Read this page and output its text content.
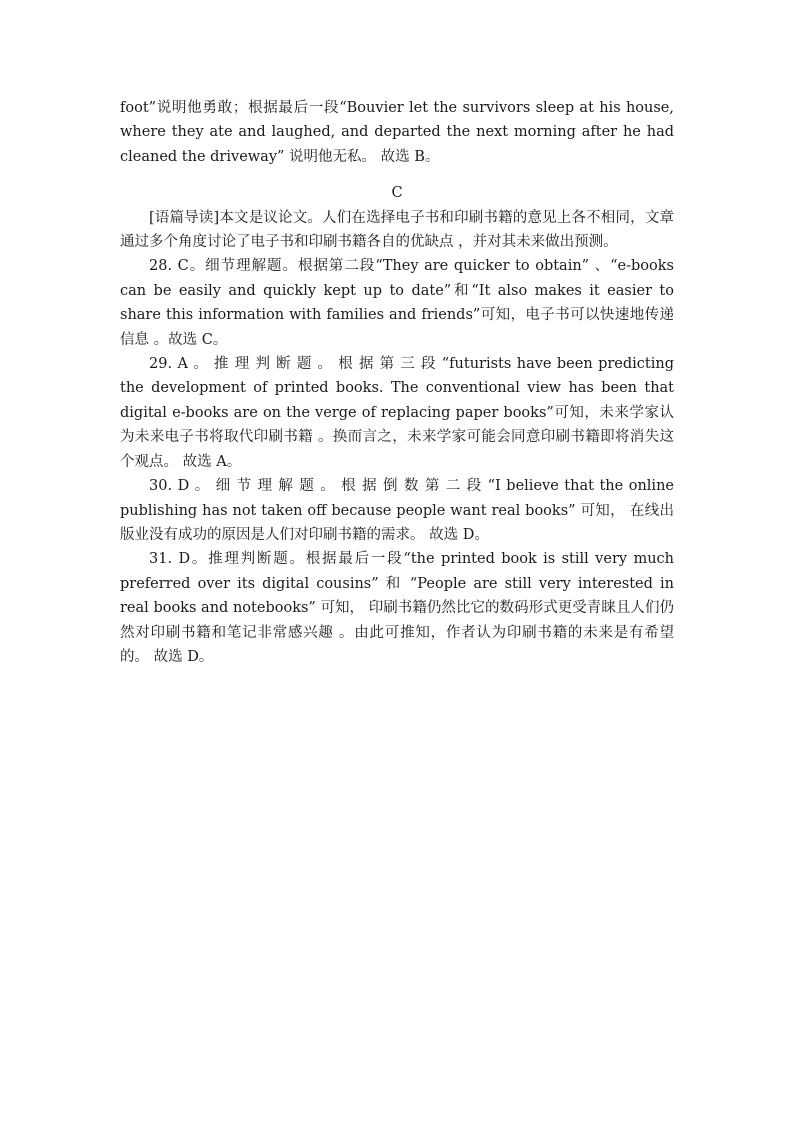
foot”说明他勇敢；根据最后一段“Bouvier let the survivors sleep at his house, where they ate and laughed, and departed the next morning after he had cleaned the driveway” 说明他无私。 故选 B。

C

[语篇导读]本文是议论文。人们在选择电子书和印刷书籍的意见上各不相同，文章通过多个角度讨论了电子书和印刷书籍各自的优缺点 ，并对其未来做出预测。

28. C。细节理解题。根据第二段“They are quicker to obtain” 、“e-books can be easily and quickly kept up to date”和“It also makes it easier to share this information with families and friends”可知，电子书可以快速地传递信息 。故选 C。

29. A 。 推 理 判 断 题 。 根 据 第 三 段 “futurists have been predicting the development of printed books. The conventional view has been that digital e-books are on the verge of replacing paper books”可知，未来学家认为未来电子书将取代印刷书籍 。换而言之，未来学家可能会同意印刷书籍即将消失这个观点。 故选 A。

30. D 。 细 节 理 解 题 。 根 据 倒 数 第 二 段 “I believe that the online publishing has not taken off because people want real books” 可知， 在线出版业没有成功的原因是人们对印刷书籍的需求。 故选 D。

31. D。推理判断题。根据最后一段“the printed book is still very much preferred over its digital cousins” 和 “People are still very interested in real books and notebooks” 可知， 印刷书籍仍然比它的数码形式更受青睐且人们仍然对印刷书籍和笔记非常感兴趣 。由此可推知，作者认为印刷书籍的未来是有希望的。 故选 D。
